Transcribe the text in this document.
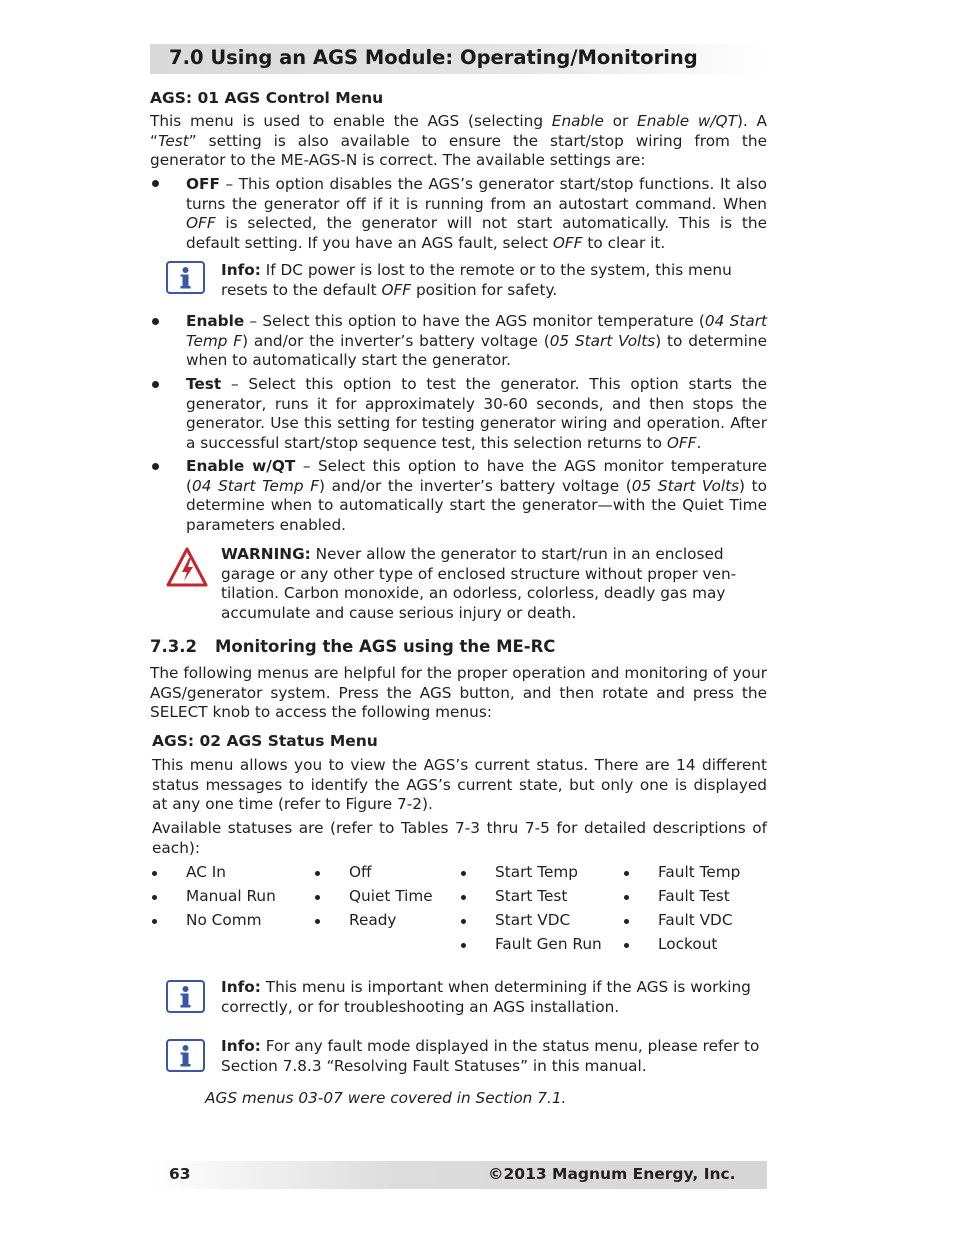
7.0 Using an AGS Module: Operating/Monitoring
AGS: 01 AGS Control Menu
This menu is used to enable the AGS (selecting Enable or Enable w/QT). A “Test” setting is also available to ensure the start/stop wiring from the generator to the ME-AGS-N is correct. The available settings are:
OFF – This option disables the AGS’s generator start/stop functions. It also turns the generator off if it is running from an autostart command. When OFF is selected, the generator will not start automatically. This is the default setting. If you have an AGS fault, select OFF to clear it.
Info: If DC power is lost to the remote or to the system, this menu resets to the default OFF position for safety.
Enable – Select this option to have the AGS monitor temperature (04 Start Temp F) and/or the inverter’s battery voltage (05 Start Volts) to determine when to automatically start the generator.
Test – Select this option to test the generator. This option starts the generator, runs it for approximately 30-60 seconds, and then stops the generator. Use this setting for testing generator wiring and operation. After a successful start/stop sequence test, this selection returns to OFF.
Enable w/QT – Select this option to have the AGS monitor temperature (04 Start Temp F) and/or the inverter’s battery voltage (05 Start Volts) to determine when to automatically start the generator—with the Quiet Time parameters enabled.
WARNING: Never allow the generator to start/run in an enclosed garage or any other type of enclosed structure without proper ven-tilation. Carbon monoxide, an odorless, colorless, deadly gas may accumulate and cause serious injury or death.
7.3.2 Monitoring the AGS using the ME-RC
The following menus are helpful for the proper operation and monitoring of your AGS/generator system. Press the AGS button, and then rotate and press the SELECT knob to access the following menus:
AGS: 02 AGS Status Menu
This menu allows you to view the AGS’s current status. There are 14 different status messages to identify the AGS’s current state, but only one is displayed at any one time (refer to Figure 7-2).
Available statuses are (refer to Tables 7-3 thru 7-5 for detailed descriptions of each):
AC In
Manual Run
No Comm
Off
Quiet Time
Ready
Start Temp
Start Test
Start VDC
Fault Gen Run
Fault Temp
Fault Test
Fault VDC
Lockout
Info: This menu is important when determining if the AGS is working correctly, or for troubleshooting an AGS installation.
Info: For any fault mode displayed in the status menu, please refer to Section 7.8.3 “Resolving Fault Statuses” in this manual.
AGS menus 03-07 were covered in Section 7.1.
63	©2013 Magnum Energy, Inc.
